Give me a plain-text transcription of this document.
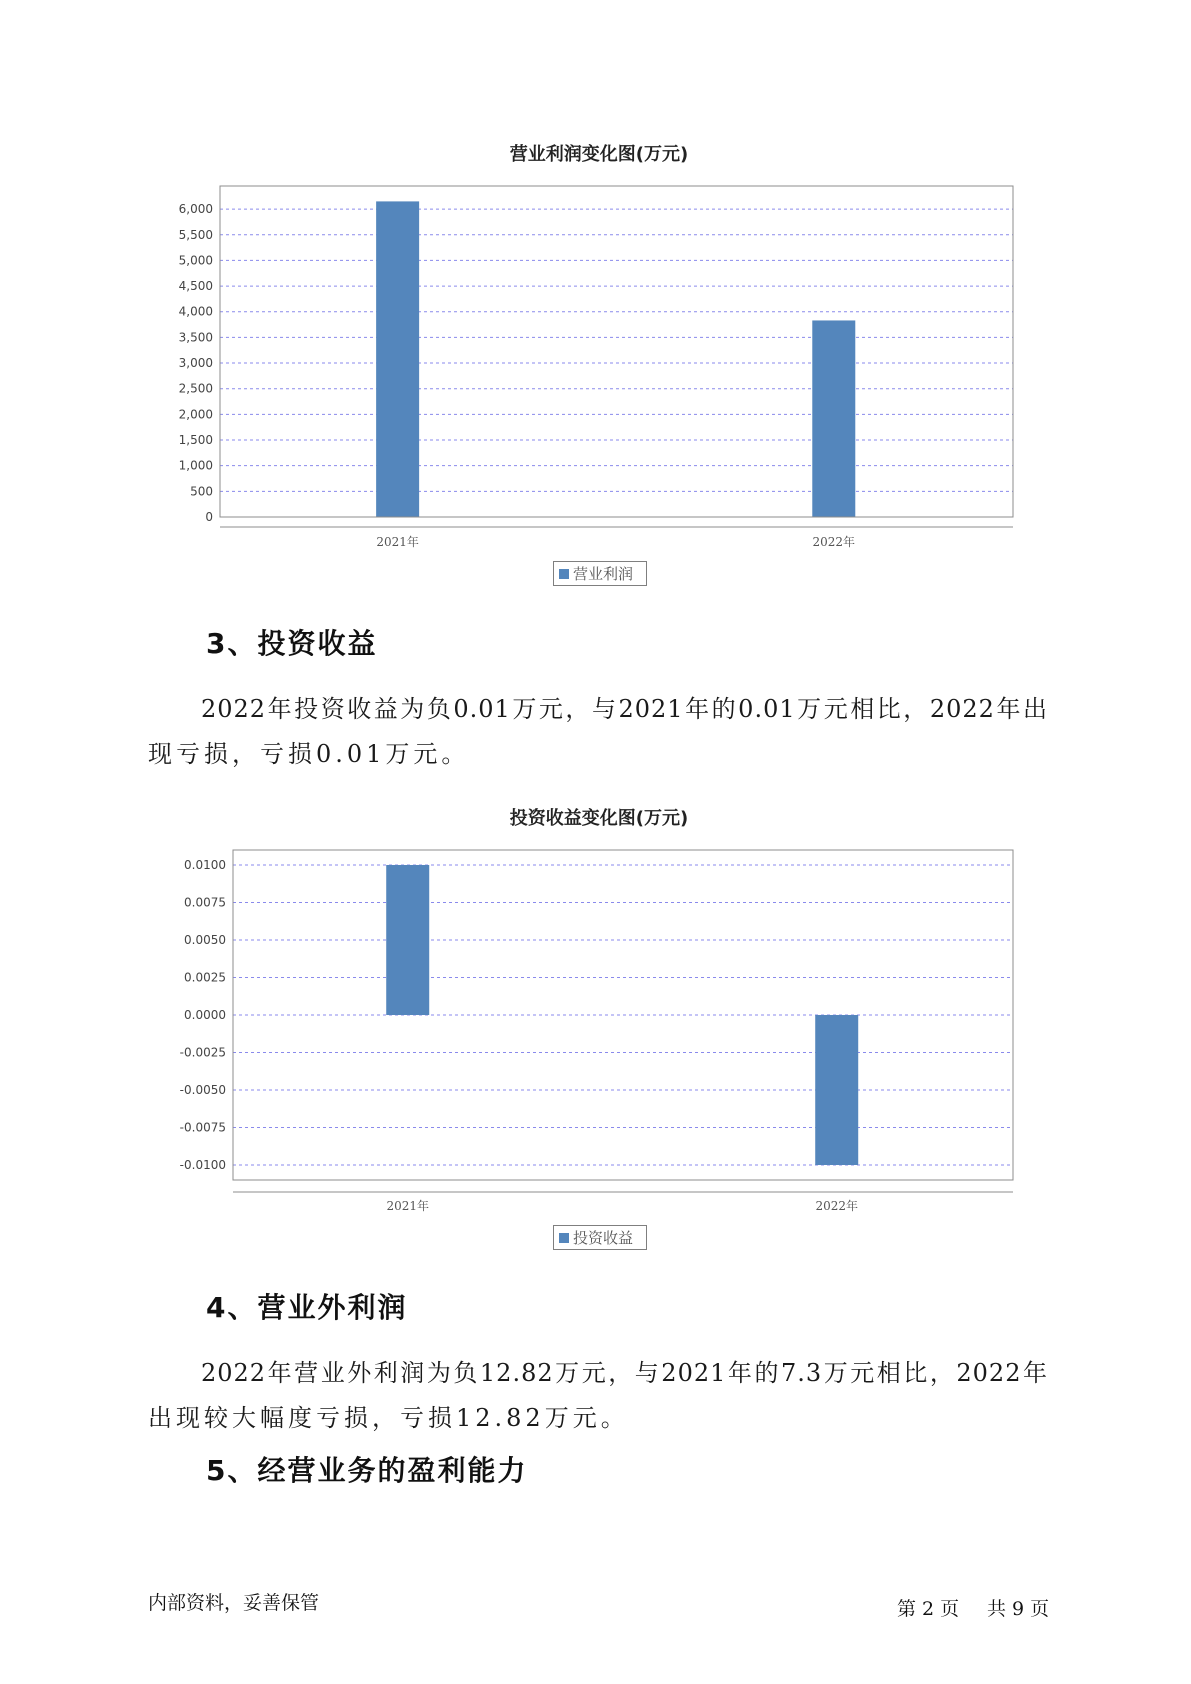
营业利润变化图(万元)
0
500
1,000
1,500
2,000
2,500
3,000
3,500
4,000
4,500
5,000
5,500
6,000
2021年	2022年
营业利润
3、投资收益
2022年投资收益为负0.01万元，与2021年的0.01万元相比，2022年出
现亏损，亏损0.01万元。
投资收益变化图(万元)
-0.0100
-0.0075
-0.0050
-0.0025
0.0000
0.0025
0.0050
0.0075
0.0100
2021年	2022年
投资收益
4、营业外利润
2022年营业外利润为负12.82万元，与2021年的7.3万元相比，2022年
出现较大幅度亏损，亏损12.82万元。
5、经营业务的盈利能力
内部资料，妥善保管	第 2 页 共 9 页
